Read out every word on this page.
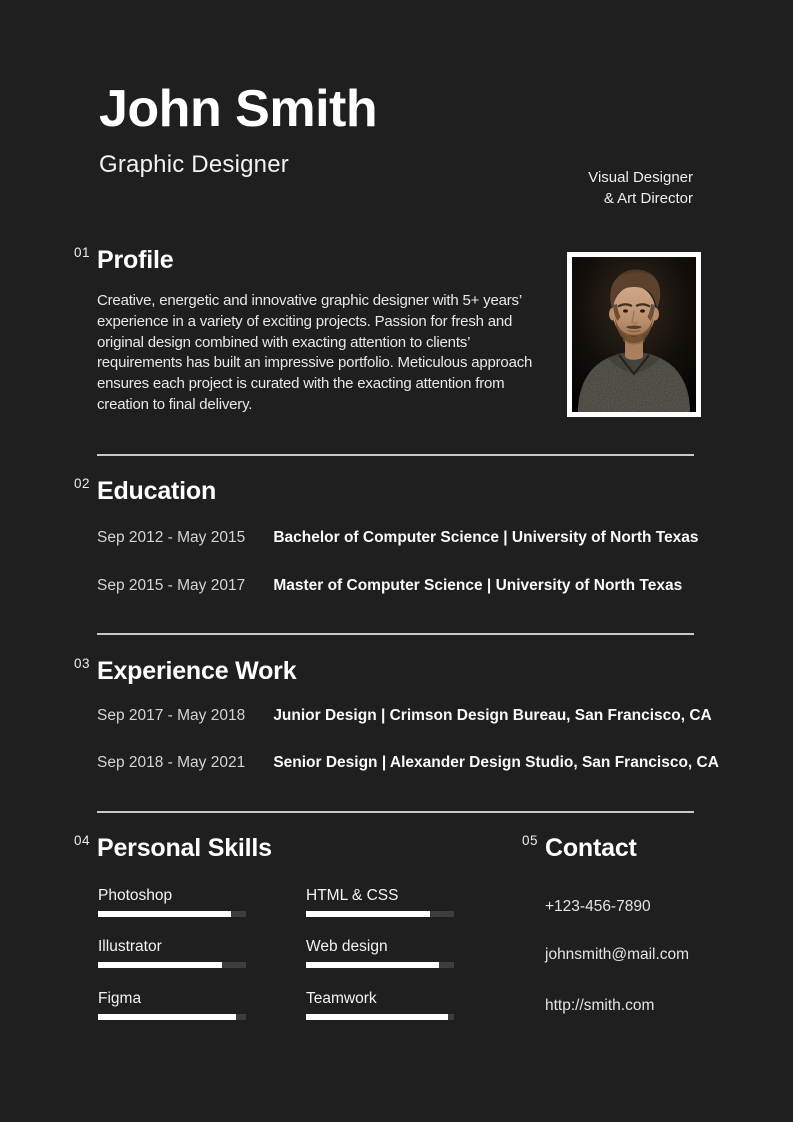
John Smith
Graphic Designer	Visual Designer
& Art Director
01 Profile

Creative, energetic and innovative graphic designer with 5+ years’ experience in a variety of exciting projects. Passion for fresh and original design combined with exacting attention to clients’ requirements has built an impressive portfolio. Meticulous approach ensures each project is curated with the exacting attention from creation to final delivery.

02 Education
Sep 2012 - May 2015 Bachelor of Computer Science | University of North Texas
Sep 2015 - May 2017 Master of Computer Science | University of North Texas
03 Experience Work
Sep 2017 - May 2018 Junior Design | Crimson Design Bureau, San Francisco, CA
Sep 2018 - May 2021 Senior Design | Alexander Design Studio, San Francisco, CA
04 Personal Skills
Photoshop
Illustrator
Figma
HTML & CSS
Web design
Teamwork
05 Contact
+123-456-7890
johnsmith@mail.com
http://smith.com
